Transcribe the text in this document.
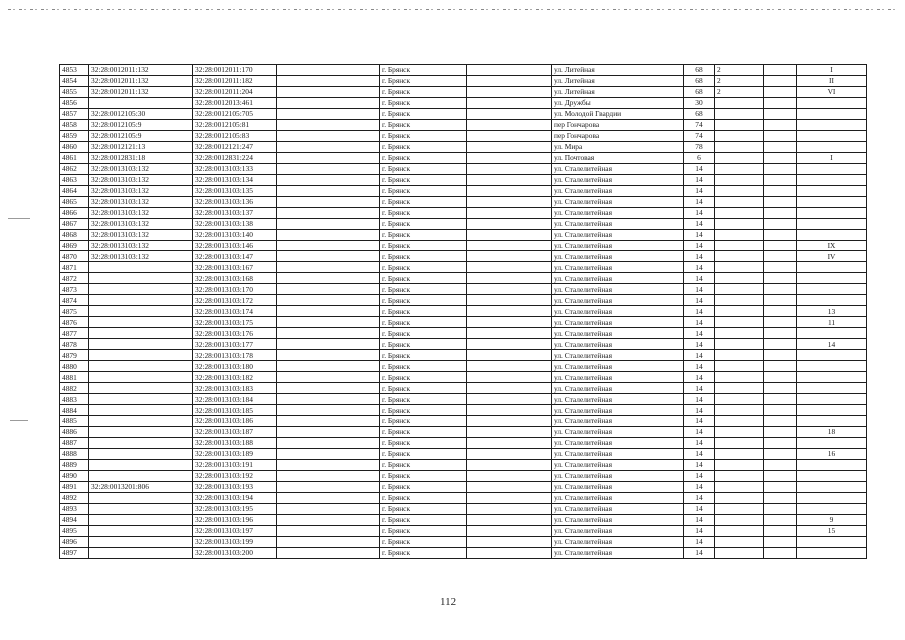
4853	32:28:0012011:132	32:28:0012011:170		г. Брянск		ул. Литейная	68	2		I
4854	32:28:0012011:132	32:28:0012011:182		г. Брянск		ул. Литейная	68	2		II
4855	32:28:0012011:132	32:28:0012011:204		г. Брянск		ул. Литейная	68	2		VI
4856		32:28:0012013:461		г. Брянск		ул. Дружбы	30			
4857	32:28:0012105:30	32:28:0012105:705		г. Брянск		ул. Молодой Гвардии	68			
4858	32:28:0012105:9	32:28:0012105:81		г. Брянск		пер Гончарова	74			
4859	32:28:0012105:9	32:28:0012105:83		г. Брянск		пер Гончарова	74			
4860	32:28:0012121:13	32:28:0012121:247		г. Брянск		ул. Мира	78			
4861	32:28:0012831:18	32:28:0012831:224		г. Брянск		ул. Почтовая	6			I
4862	32:28:0013103:132	32:28:0013103:133		г. Брянск		ул. Сталелитейная	14			
4863	32:28:0013103:132	32:28:0013103:134		г. Брянск		ул. Сталелитейная	14			
4864	32:28:0013103:132	32:28:0013103:135		г. Брянск		ул. Сталелитейная	14			
4865	32:28:0013103:132	32:28:0013103:136		г. Брянск		ул. Сталелитейная	14			
4866	32:28:0013103:132	32:28:0013103:137		г. Брянск		ул. Сталелитейная	14			
4867	32:28:0013103:132	32:28:0013103:138		г. Брянск		ул. Сталелитейная	14			
4868	32:28:0013103:132	32:28:0013103:140		г. Брянск		ул. Сталелитейная	14			
4869	32:28:0013103:132	32:28:0013103:146		г. Брянск		ул. Сталелитейная	14			IX
4870	32:28:0013103:132	32:28:0013103:147		г. Брянск		ул. Сталелитейная	14			IV
4871		32:28:0013103:167		г. Брянск		ул. Сталелитейная	14			
4872		32:28:0013103:168		г. Брянск		ул. Сталелитейная	14			
4873		32:28:0013103:170		г. Брянск		ул. Сталелитейная	14			
4874		32:28:0013103:172		г. Брянск		ул. Сталелитейная	14			
4875		32:28:0013103:174		г. Брянск		ул. Сталелитейная	14			13
4876		32:28:0013103:175		г. Брянск		ул. Сталелитейная	14			11
4877		32:28:0013103:176		г. Брянск		ул. Сталелитейная	14			
4878		32:28:0013103:177		г. Брянск		ул. Сталелитейная	14			14
4879		32:28:0013103:178		г. Брянск		ул. Сталелитейная	14			
4880		32:28:0013103:180		г. Брянск		ул. Сталелитейная	14			
4881		32:28:0013103:182		г. Брянск		ул. Сталелитейная	14			
4882		32:28:0013103:183		г. Брянск		ул. Сталелитейная	14			
4883		32:28:0013103:184		г. Брянск		ул. Сталелитейная	14			
4884		32:28:0013103:185		г. Брянск		ул. Сталелитейная	14			
4885		32:28:0013103:186		г. Брянск		ул. Сталелитейная	14			
4886		32:28:0013103:187		г. Брянск		ул. Сталелитейная	14			18
4887		32:28:0013103:188		г. Брянск		ул. Сталелитейная	14			
4888		32:28:0013103:189		г. Брянск		ул. Сталелитейная	14			16
4889		32:28:0013103:191		г. Брянск		ул. Сталелитейная	14			
4890		32:28:0013103:192		г. Брянск		ул. Сталелитейная	14			
4891	32:28:0013201:806	32:28:0013103:193		г. Брянск		ул. Сталелитейная	14			
4892		32:28:0013103:194		г. Брянск		ул. Сталелитейная	14			
4893		32:28:0013103:195		г. Брянск		ул. Сталелитейная	14			
4894		32:28:0013103:196		г. Брянск		ул. Сталелитейная	14			9
4895		32:28:0013103:197		г. Брянск		ул. Сталелитейная	14			15
4896		32:28:0013103:199		г. Брянск		ул. Сталелитейная	14			
4897		32:28:0013103:200		г. Брянск		ул. Сталелитейная	14			
112
